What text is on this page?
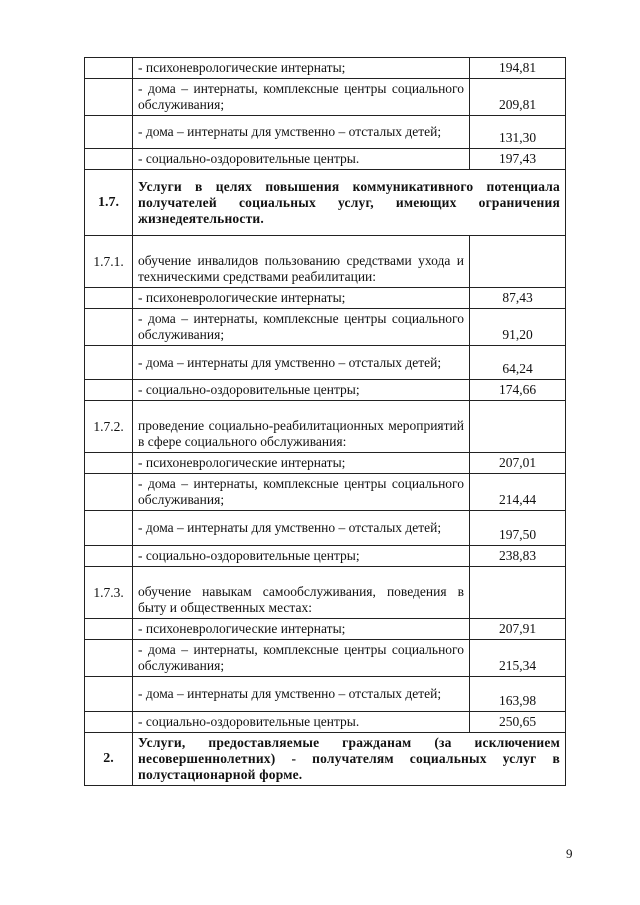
	- психоневрологические интернаты;	194,81
	- дома – интернаты, комплексные центры социального обслуживания;	209,81
	- дома – интернаты для умственно – отсталых детей;	131,30
	- социально-оздоровительные центры.	197,43
1.7.	Услуги в целях повышения коммуникативного потенциала получателей социальных услуг, имеющих ограничения жизнедеятельности.	
1.7.1.	обучение инвалидов пользованию средствами ухода и техническими средствами реабилитации:	
	- психоневрологические интернаты;	87,43
	- дома – интернаты, комплексные центры социального обслуживания;	91,20
	- дома – интернаты для умственно – отсталых детей;	64,24
	- социально-оздоровительные центры;	174,66
1.7.2.	проведение социально-реабилитационных мероприятий в сфере социального обслуживания:	
	- психоневрологические интернаты;	207,01
	- дома – интернаты, комплексные центры социального обслуживания;	214,44
	- дома – интернаты для умственно – отсталых детей;	197,50
	- социально-оздоровительные центры;	238,83
1.7.3.	обучение навыкам самообслуживания, поведения в быту и общественных местах:	
	- психоневрологические интернаты;	207,91
	- дома – интернаты, комплексные центры социального обслуживания;	215,34
	- дома – интернаты для умственно – отсталых детей;	163,98
	- социально-оздоровительные центры.	250,65
2.	Услуги, предоставляемые гражданам (за исключением несовершеннолетних) - получателям социальных услуг в полустационарной форме.	
9
